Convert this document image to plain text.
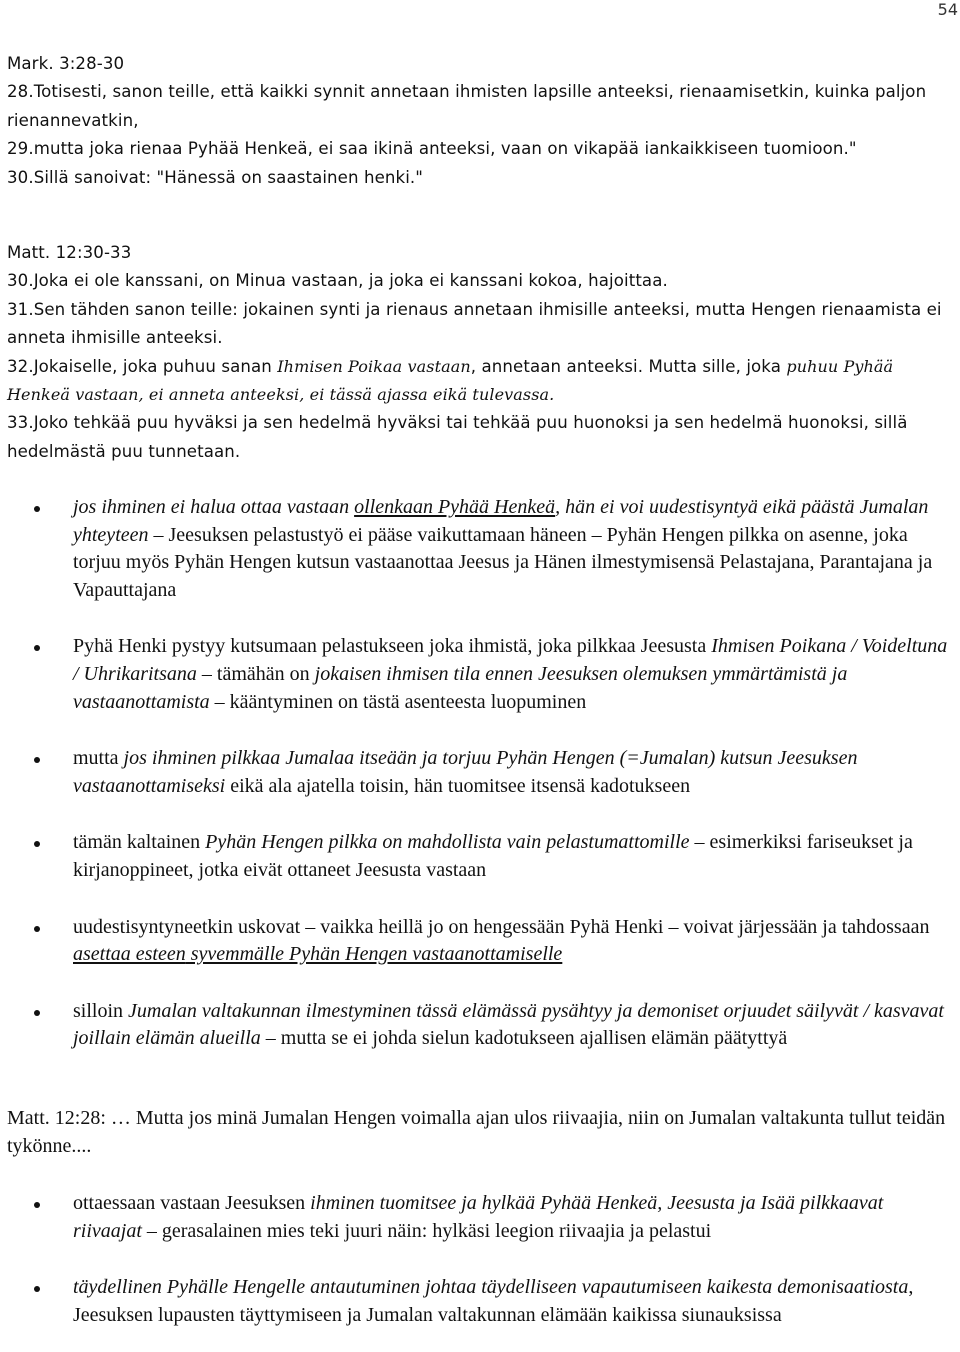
54

Mark. 3:28-30

28.Totisesti, sanon teille, että kaikki synnit annetaan ihmisten lapsille anteeksi, rienaamisetkin, kuinka paljon rienannevatkin,

29.mutta joka rienaa Pyhää Henkeä, ei saa ikinä anteeksi, vaan on vikapää iankaikkiseen tuomioon."

30.Sillä sanoivat: "Hänessä on saastainen henki."

Matt. 12:30-33

30.Joka ei ole kanssani, on Minua vastaan, ja joka ei kanssani kokoa, hajoittaa.

31.Sen tähden sanon teille: jokainen synti ja rienaus annetaan ihmisille anteeksi, mutta Hengen rienaamista ei anneta ihmisille anteeksi.

32.Jokaiselle, joka puhuu sanan Ihmisen Poikaa vastaan, annetaan anteeksi. Mutta sille, joka puhuu Pyhää Henkeä vastaan, ei anneta anteeksi, ei tässä ajassa eikä tulevassa.

33.Joko tehkää puu hyväksi ja sen hedelmä hyväksi tai tehkää puu huonoksi ja sen hedelmä huonoksi, sillä hedelmästä puu tunnetaan.

jos ihminen ei halua ottaa vastaan ollenkaan Pyhää Henkeä, hän ei voi uudestisyntyä eikä päästä Jumalan yhteyteen – Jeesuksen pelastustyö ei pääse vaikuttamaan häneen – Pyhän Hengen pilkka on asenne, joka torjuu myös Pyhän Hengen kutsun vastaanottaa Jeesus ja Hänen ilmestymisensä Pelastajana, Parantajana ja Vapauttajana

Pyhä Henki pystyy kutsumaan pelastukseen joka ihmistä, joka pilkkaa Jeesusta Ihmisen Poikana / Voideltuna / Uhrikaritsana – tämähän on jokaisen ihmisen tila ennen Jeesuksen olemuksen ymmärtämistä ja vastaanottamista – kääntyminen on tästä asenteesta luopuminen

mutta jos ihminen pilkkaa Jumalaa itseään ja torjuu Pyhän Hengen (=Jumalan) kutsun Jeesuksen vastaanottamiseksi eikä ala ajatella toisin, hän tuomitsee itsensä kadotukseen

tämän kaltainen Pyhän Hengen pilkka on mahdollista vain pelastumattomille – esimerkiksi fariseukset ja kirjanoppineet, jotka eivät ottaneet Jeesusta vastaan

uudestisyntyneetkin uskovat – vaikka heillä jo on hengessään Pyhä Henki – voivat järjessään ja tahdossaan asettaa esteen syvemmälle Pyhän Hengen vastaanottamiselle

silloin Jumalan valtakunnan ilmestyminen tässä elämässä pysähtyy ja demoniset orjuudet säilyvät / kasvavat joillain elämän alueilla – mutta se ei johda sielun kadotukseen ajallisen elämän päätyttyä

Matt. 12:28: … Mutta jos minä Jumalan Hengen voimalla ajan ulos riivaajia, niin on Jumalan valtakunta tullut teidän tykönne....

ottaessaan vastaan Jeesuksen ihminen tuomitsee ja hylkää Pyhää Henkeä, Jeesusta ja Isää pilkkaavat riivaajat – gerasalainen mies teki juuri näin: hylkäsi leegion riivaajia ja pelastui

täydellinen Pyhälle Hengelle antautuminen johtaa täydelliseen vapautumiseen kaikesta demonisaatiosta, Jeesuksen lupausten täyttymiseen ja Jumalan valtakunnan elämään kaikissa siunauksissa
